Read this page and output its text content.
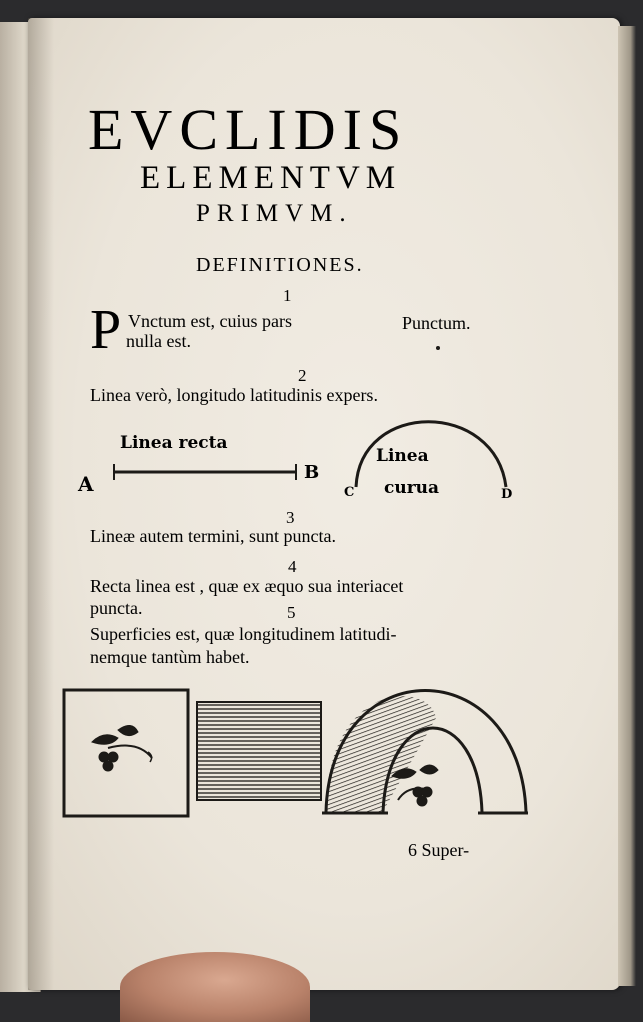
EVCLIDIS
ELEMENTVM
PRIMVM.
DEFINITIONES.
1
P Vnctum est, cuius pars
nulla est.
Punctum.
2
Linea verò, longitudo latitudinis expers.
Linea recta
A	B
Linea
curua
C	D
3
Lineæ autem termini, sunt puncta.
4
Recta linea est , quæ ex æquo sua interiacet
puncta.	5
Superficies est, quæ longitudinem latitudi-
nemque tantùm habet.
6 Super-
